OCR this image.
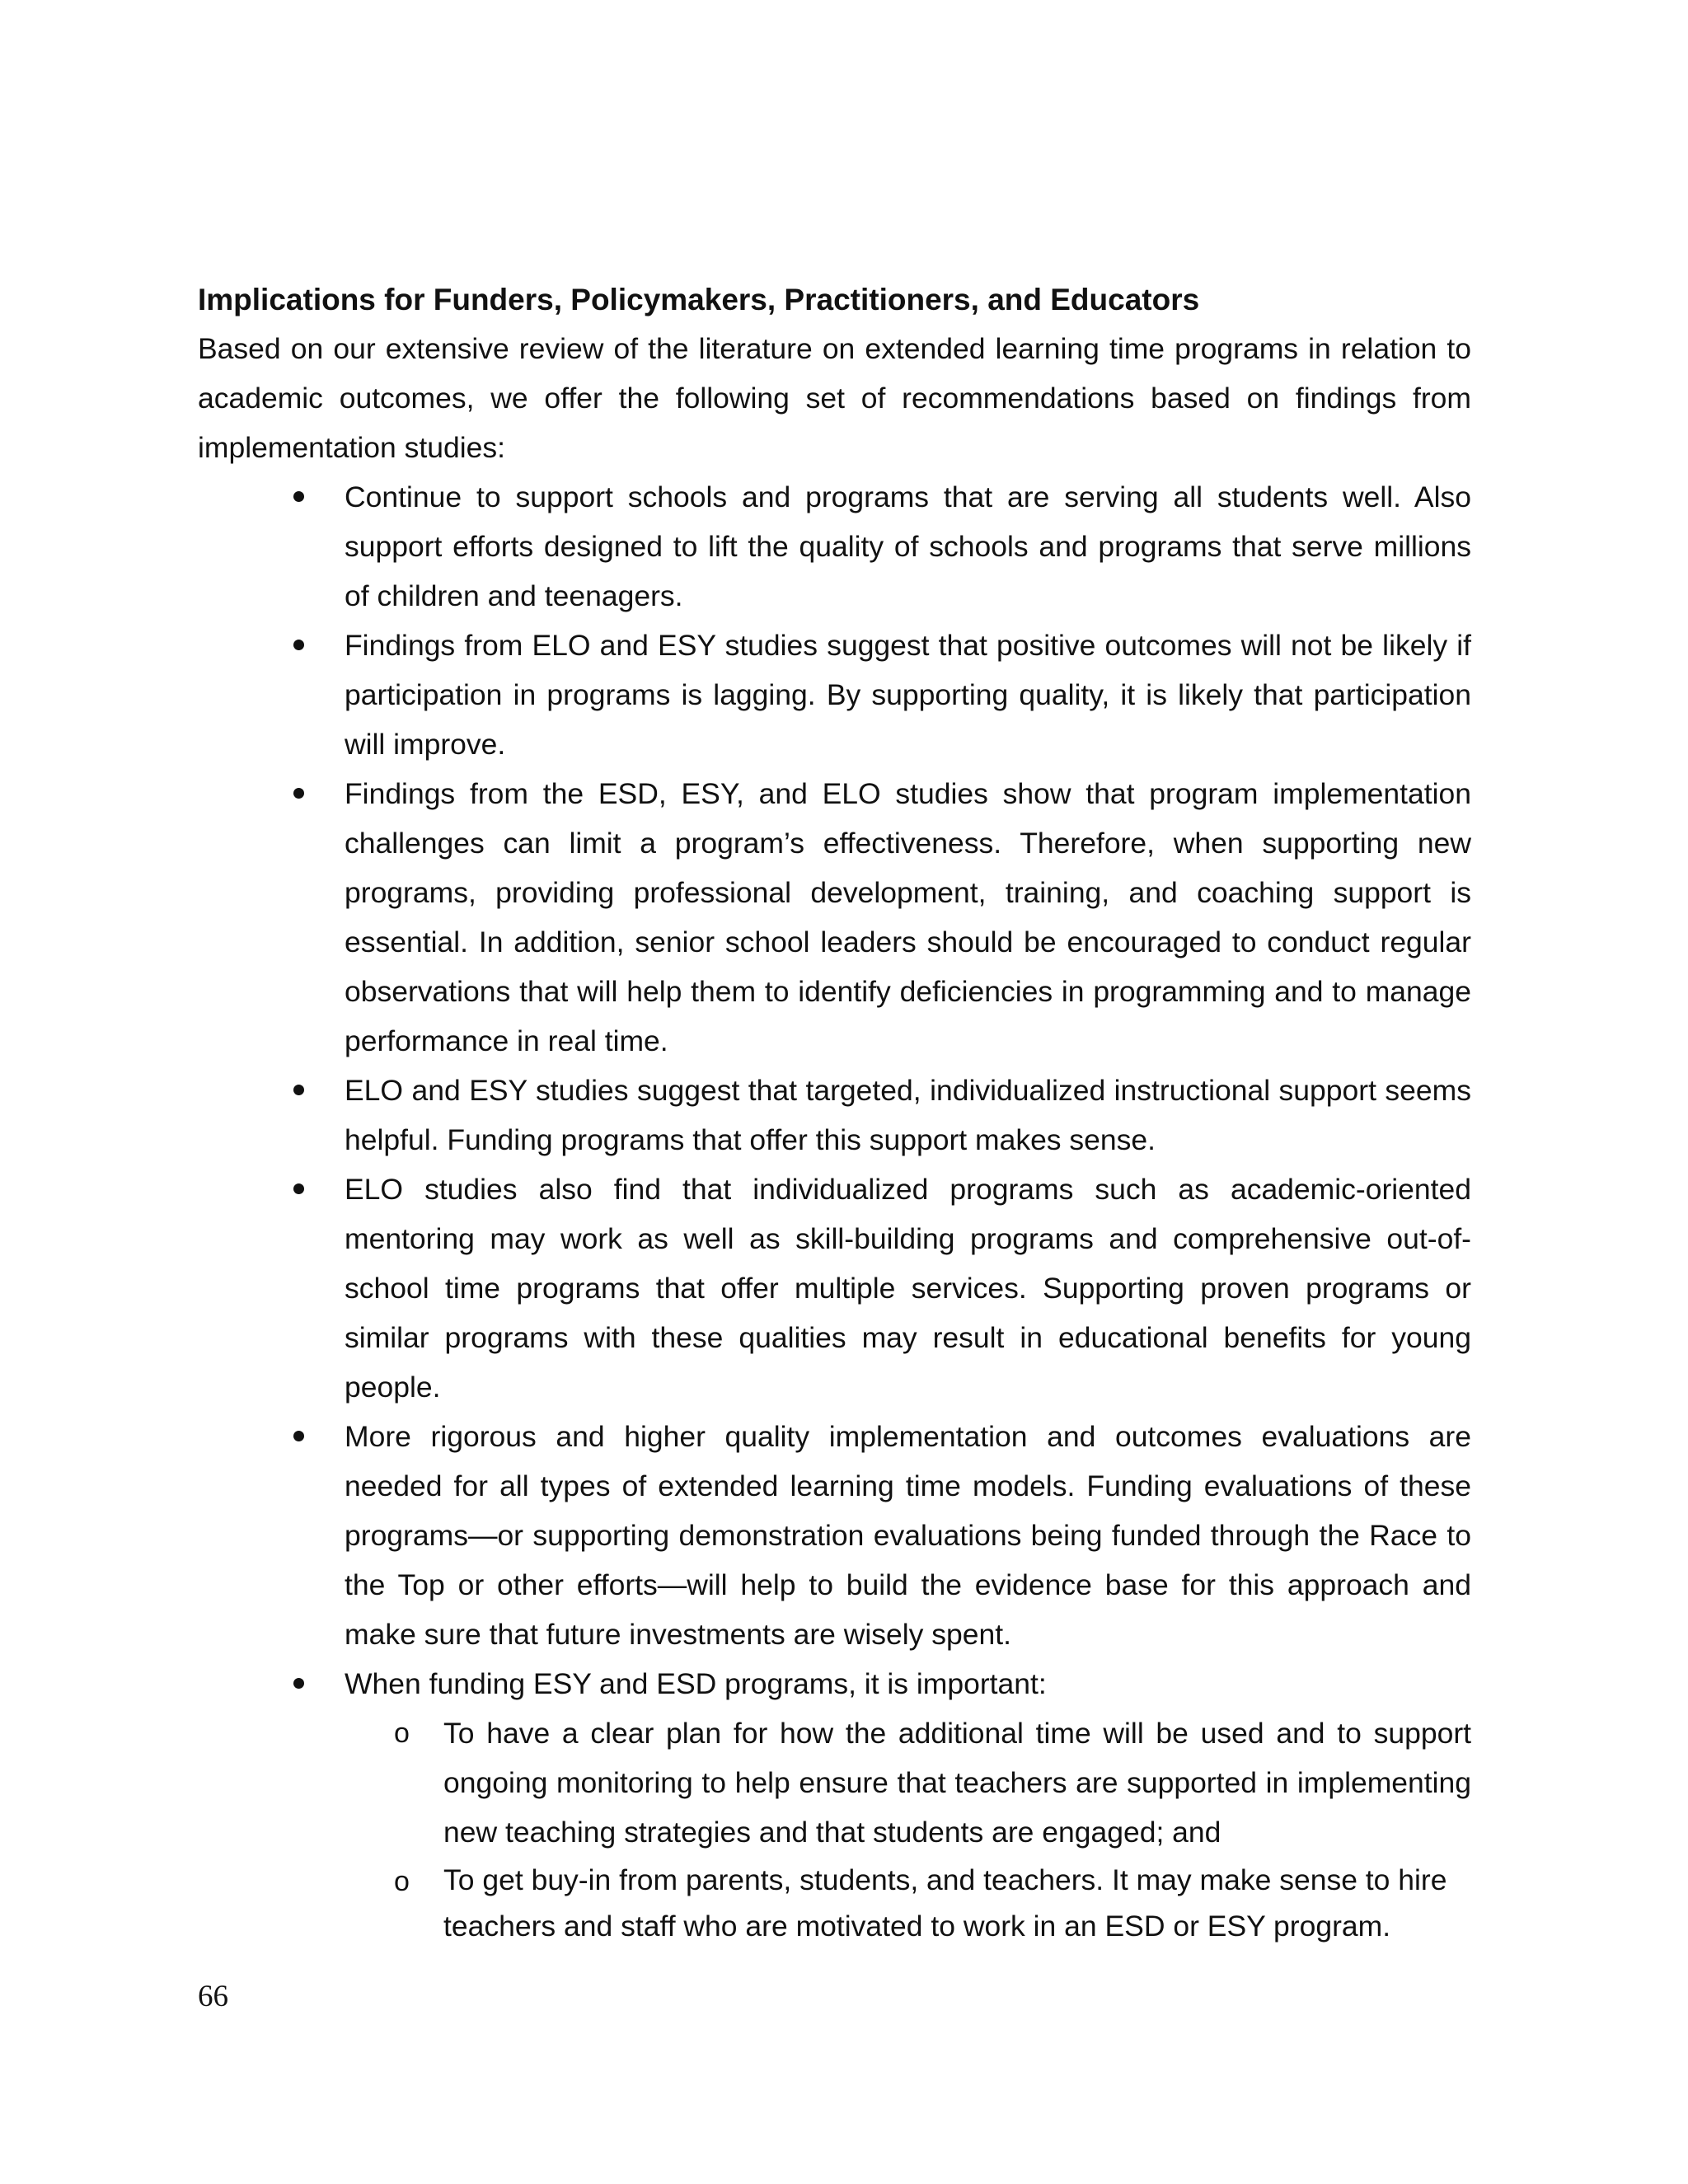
Implications for Funders, Policymakers, Practitioners, and Educators

Based on our extensive review of the literature on extended learning time programs in relation to academic outcomes, we offer the following set of recommendations based on findings from implementation studies:

Continue to support schools and programs that are serving all students well. Also support efforts designed to lift the quality of schools and programs that serve millions of children and teenagers.
Findings from ELO and ESY studies suggest that positive outcomes will not be likely if participation in programs is lagging. By supporting quality, it is likely that participation will improve.
Findings from the ESD, ESY, and ELO studies show that program implementation challenges can limit a program’s effectiveness. Therefore, when supporting new programs, providing professional development, training, and coaching support is essential. In addition, senior school leaders should be encouraged to conduct regular observations that will help them to identify deficiencies in programming and to manage performance in real time.
ELO and ESY studies suggest that targeted, individualized instructional support seems helpful. Funding programs that offer this support makes sense.
ELO studies also find that individualized programs such as academic-oriented mentoring may work as well as skill-building programs and comprehensive out-of-school time programs that offer multiple services. Supporting proven programs or similar programs with these qualities may result in educational benefits for young people.
More rigorous and higher quality implementation and outcomes evaluations are needed for all types of extended learning time models. Funding evaluations of these programs—or supporting demonstration evaluations being funded through the Race to the Top or other efforts—will help to build the evidence base for this approach and make sure that future investments are wisely spent.
When funding ESY and ESD programs, it is important:
o To have a clear plan for how the additional time will be used and to support ongoing monitoring to help ensure that teachers are supported in implementing new teaching strategies and that students are engaged; and
o To get buy-in from parents, students, and teachers. It may make sense to hire teachers and staff who are motivated to work in an ESD or ESY program.
66
